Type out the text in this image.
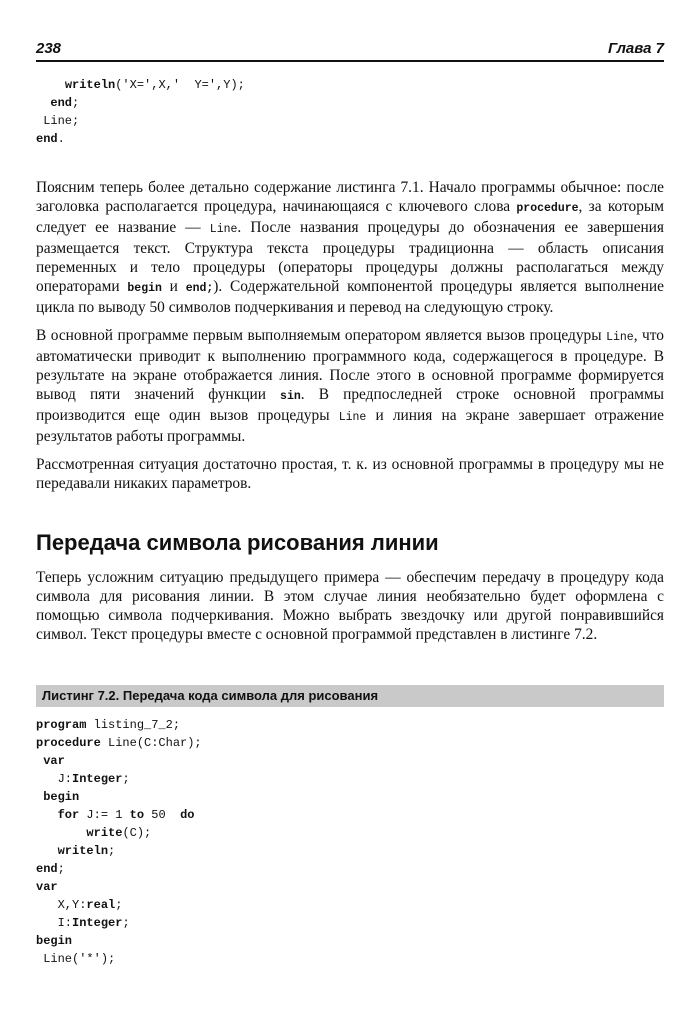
238	Глава 7
writeln('X=',X,'  Y=',Y);
end;
Line;
end.

Поясним теперь более детально содержание листинга 7.1. Начало программы обычное: после заголовка располагается процедура, начинающаяся с ключевого слова procedure, за которым следует ее название — Line. После названия процедуры до обозначения ее завершения размещается текст. Структура текста процедуры традиционна — область описания переменных и тело процедуры (операторы процедуры должны располагаться между операторами begin и end;). Содержательной компонентой процедуры является выполнение цикла по выводу 50 символов подчеркивания и перевод на следующую строку.

В основной программе первым выполняемым оператором является вызов процедуры Line, что автоматически приводит к выполнению программного кода, содержащегося в процедуре. В результате на экране отображается линия. После этого в основной программе формируется вывод пяти значений функции sin. В предпоследней строке основной программы производится еще один вызов процедуры Line и линия на экране завершает отражение результатов работы программы.

Рассмотренная ситуация достаточно простая, т. к. из основной программы в процедуру мы не передавали никаких параметров.

Передача символа рисования линии

Теперь усложним ситуацию предыдущего примера — обеспечим передачу в процедуру кода символа для рисования линии. В этом случае линия необязательно будет оформлена с помощью символа подчеркивания. Можно выбрать звездочку или другой понравившийся символ. Текст процедуры вместе с основной программой представлен в листинге 7.2.

Листинг 7.2. Передача кода символа для рисования
program listing_7_2;
procedure Line(C:Char);
var
J:Integer;
begin
for J:= 1 to 50  do
write(C);
writeln;
end;
var
X,Y:real;
I:Integer;
begin
Line('*');
